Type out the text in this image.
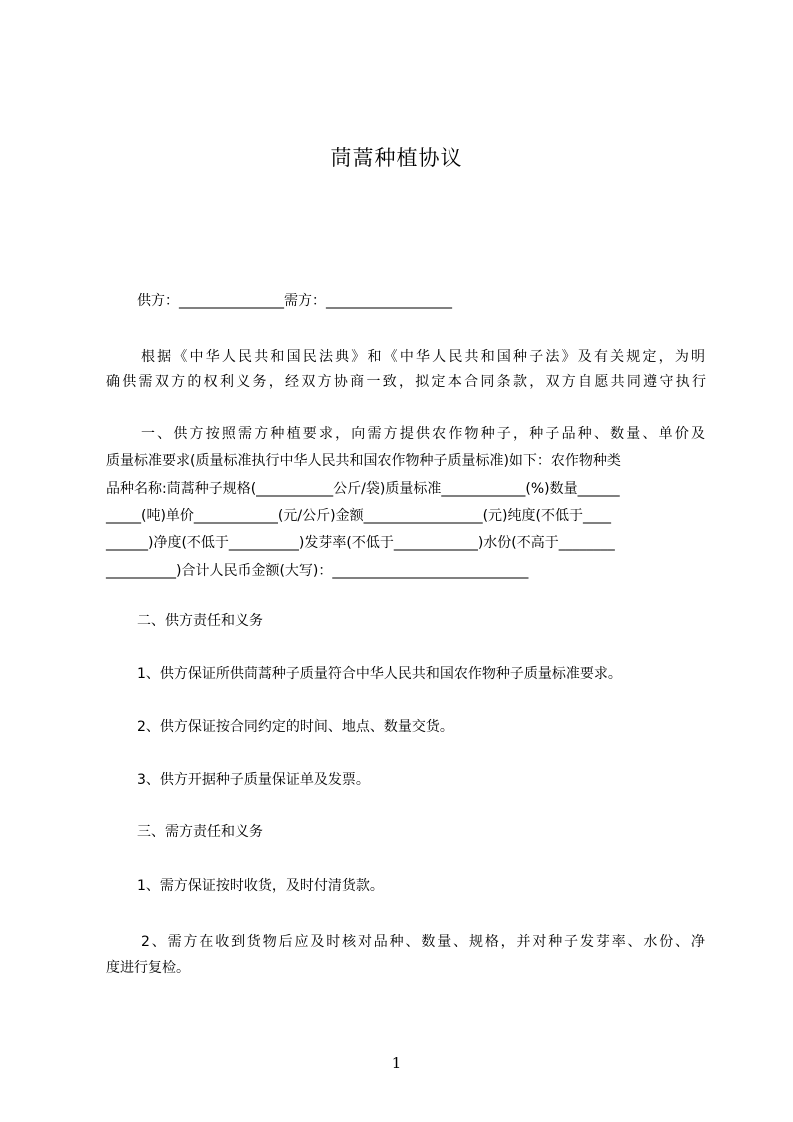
茼蒿种植协议
供方：_______________需方：__________________
根据《中华人民共和国民法典》和《中华人民共和国种子法》及有关规定，为明
确供需双方的权利义务，经双方协商一致，拟定本合同条款，双方自愿共同遵守执行
一、供方按照需方种植要求，向需方提供农作物种子，种子品种、数量、单价及
质量标准要求(质量标准执行中华人民共和国农作物种子质量标准)如下：农作物种类
品种名称:茼蒿种子规格(___________公斤/袋)质量标准____________(%)数量______
_____(吨)单价____________(元/公斤)金额_________________(元)纯度(不低于____
______)净度(不低于__________)发芽率(不低于____________)水份(不高于________
__________)合计人民币金额(大写)：____________________________
二、供方责任和义务
1、供方保证所供茼蒿种子质量符合中华人民共和国农作物种子质量标准要求。
2、供方保证按合同约定的时间、地点、数量交货。
3、供方开据种子质量保证单及发票。
三、需方责任和义务
1、需方保证按时收货，及时付清货款。
2、需方在收到货物后应及时核对品种、数量、规格，并对种子发芽率、水份、净
度进行复检。
1
